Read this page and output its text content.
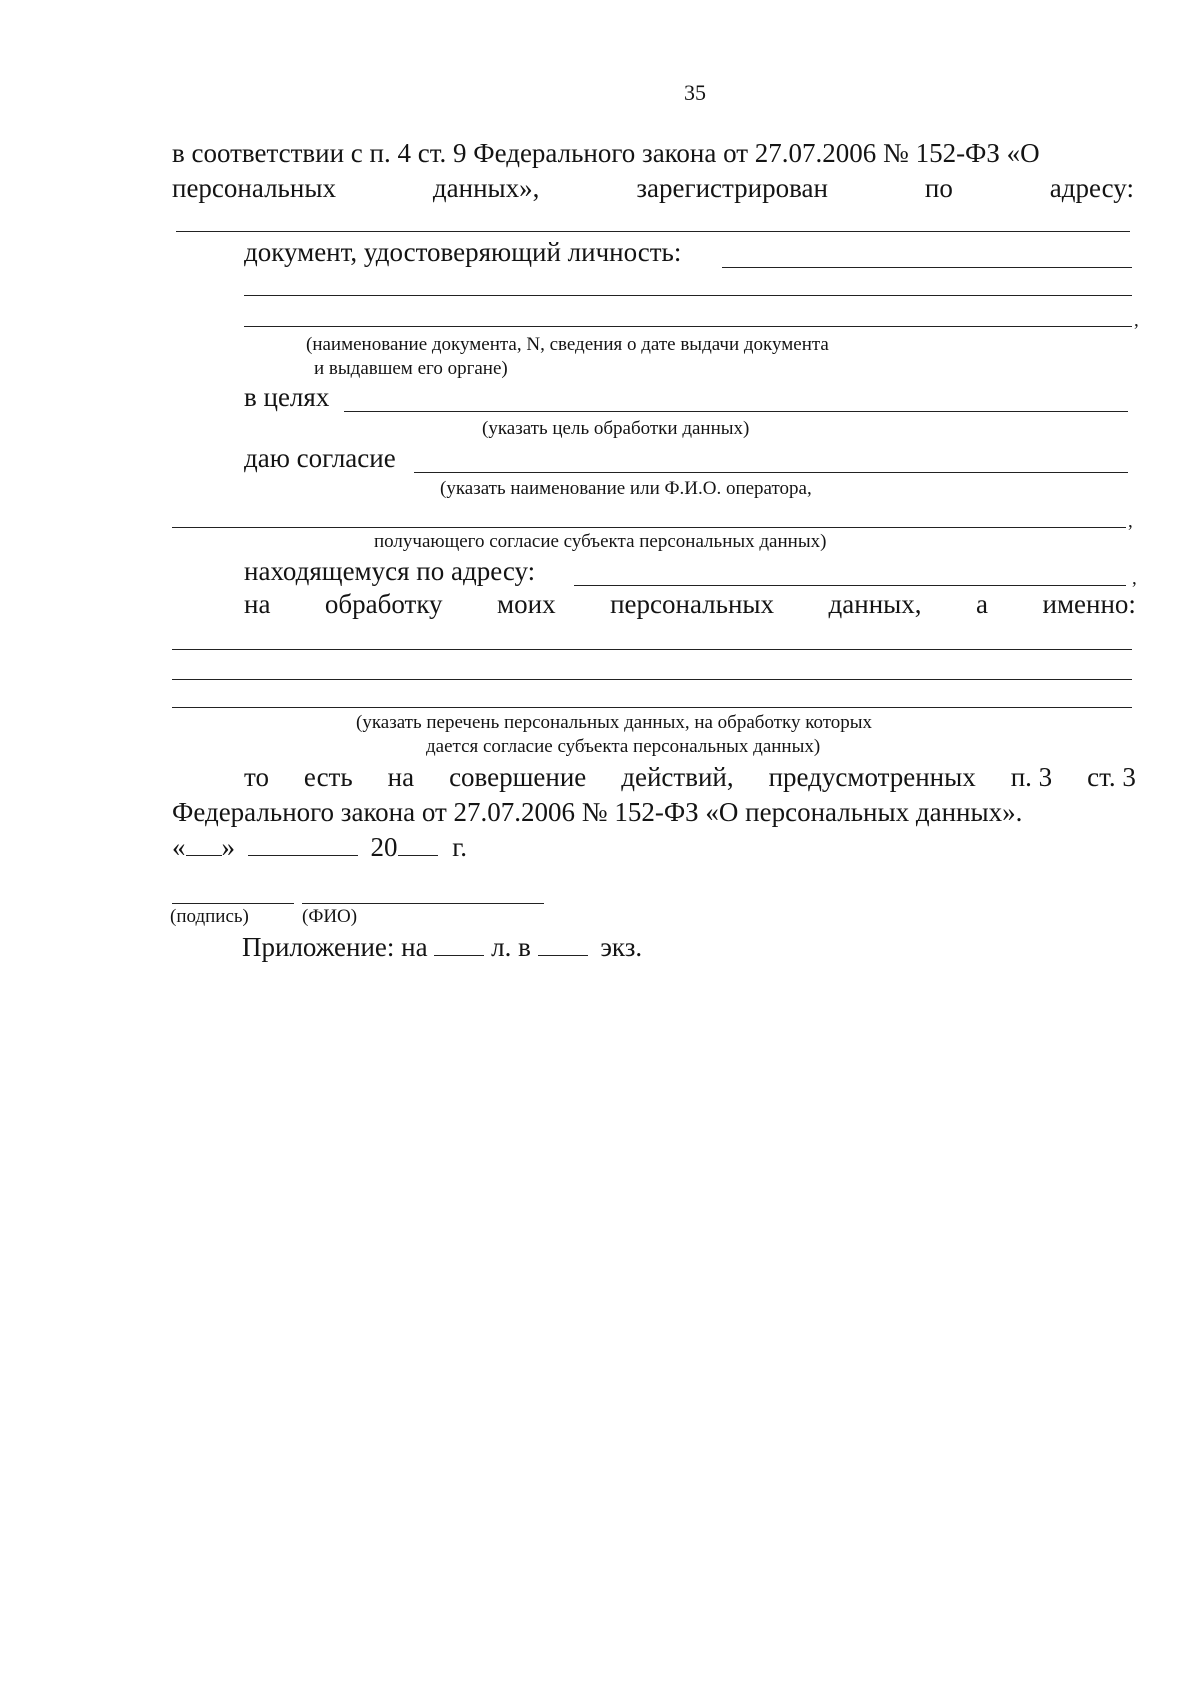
35
в соответствии с п. 4 ст. 9 Федерального закона от 27.07.2006 № 152-ФЗ «О
персональных	данных»,	зарегистрирован	по	адресу:
документ, удостоверяющий личность:
,
(наименование документа, N, сведения о дате выдачи документа
и выдавшем его органе)
в целях
(указать цель обработки данных)
даю согласие
(указать наименование или Ф.И.О. оператора,
,
получающего согласие субъекта персональных данных)
находящемуся по адресу:	,
на обработку моих персональных данных, а именно:
(указать перечень персональных данных, на обработку которых
дается согласие субъекта персональных данных)
то есть на совершение действий, предусмотренных п. 3 ст. 3
Федерального закона от 27.07.2006 № 152-ФЗ «О персональных данных».
« »	20 г.
(подпись)	(ФИО)
Приложение: на л. в	экз.
